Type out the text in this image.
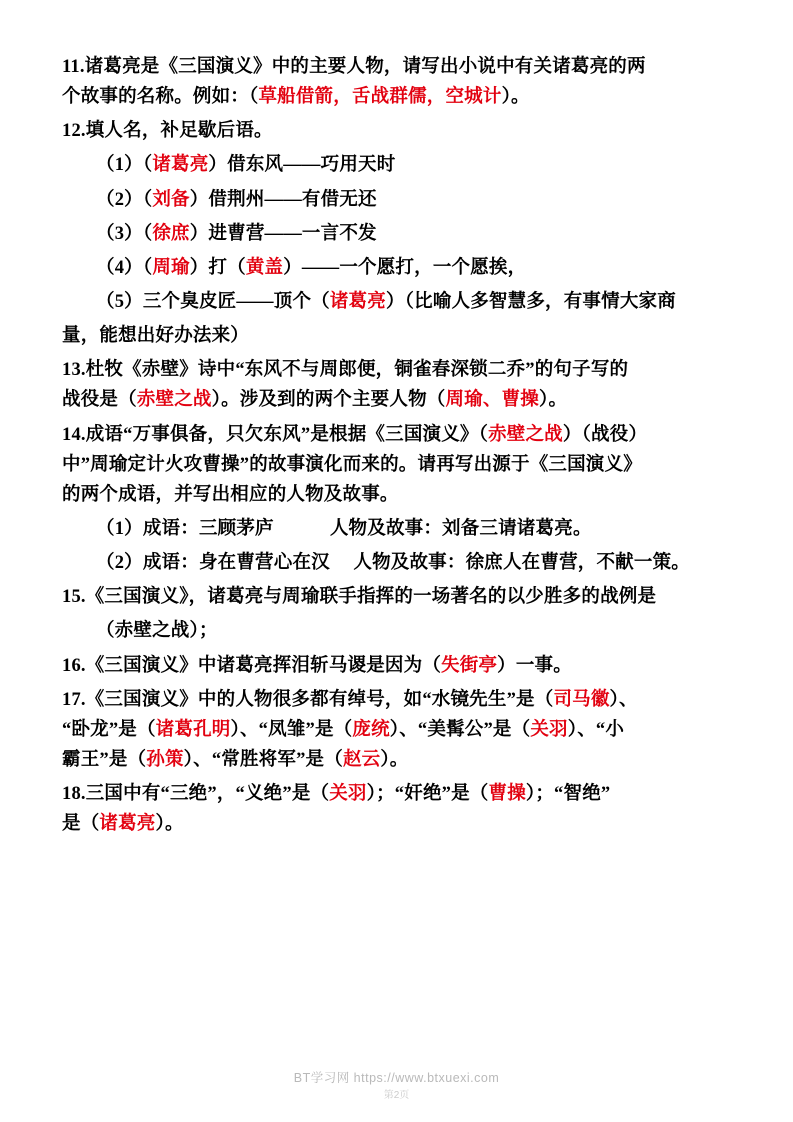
11.诸葛亮是《三国演义》中的主要人物，请写出小说中有关诸葛亮的两
个故事的名称。例如：（草船借箭，舌战群儒，空城计）。
12.填人名，补足歇后语。
（1）（诸葛亮）借东风——巧用天时
（2）（刘备）借荆州——有借无还
（3）（徐庶）进曹营——一言不发
（4）（周瑜）打（黄盖）——一个愿打，一个愿挨，
（5）三个臭皮匠——顶个（诸葛亮）（比喻人多智慧多，有事情大家商
量，能想出好办法来）
13.杜牧《赤壁》诗中“东风不与周郎便，铜雀春深锁二乔”的句子写的
战役是（赤壁之战）。涉及到的两个主要人物（周瑜、曹操）。
14.成语“万事俱备，只欠东风”是根据《三国演义》（赤壁之战）（战役）
中”周瑜定计火攻曹操”的故事演化而来的。请再写出源于《三国演义》
的两个成语，并写出相应的人物及故事。
（1）成语：三顾茅庐　　　人物及故事：刘备三请诸葛亮。
（2）成语：身在曹营心在汉　 人物及故事：徐庶人在曹营，不献一策。
15.《三国演义》，诸葛亮与周瑜联手指挥的一场著名的以少胜多的战例是
（赤壁之战）；
16.《三国演义》中诸葛亮挥泪斩马谡是因为（失街亭）一事。
17.《三国演义》中的人物很多都有绰号，如“水镜先生”是（司马徽）、
“卧龙”是（诸葛孔明）、“凤雏”是（庞统）、“美髯公”是（关羽）、“小
霸王”是（孙策）、“常胜将军”是（赵云）。
18.三国中有“三绝”，“义绝”是（关羽）；“奸绝”是（曹操）；“智绝”
是（诸葛亮）。
BT学习网 https://www.btxuexi.com
第2页
